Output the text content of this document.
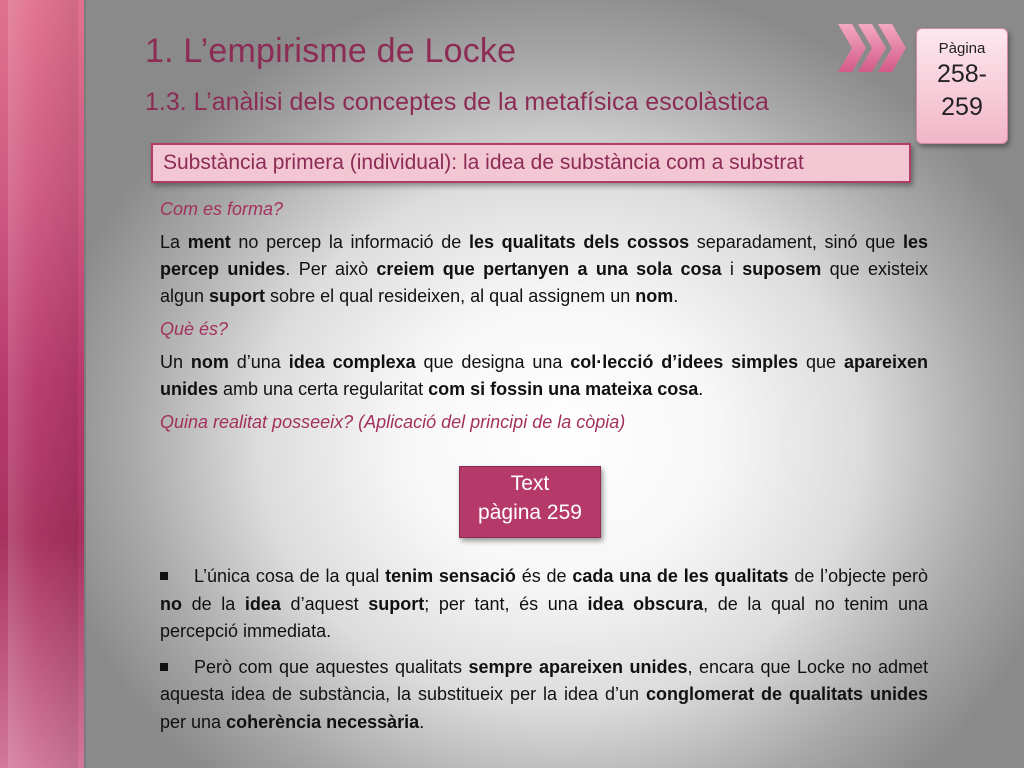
1. L’empirisme de Locke
1.3. L’anàlisi dels conceptes de la metafísica escolàstica
Pàgina
258-
259
Substància primera (individual): la idea de substància com a substrat

Com es forma?

La ment no percep la informació de les qualitats dels cossos separadament, sinó que les percep unides. Per això creiem que pertanyen a una sola cosa i suposem que existeix algun suport sobre el qual resideixen, al qual assignem un nom.

Què és?

Un nom d’una idea complexa que designa una col·lecció d’idees simples que apareixen unides amb una certa regularitat com si fossin una mateixa cosa.

Quina realitat posseeix? (Aplicació del principi de la còpia)

Text
pàgina 259
L’única cosa de la qual tenim sensació és de cada una de les qualitats de l’objecte però no de la idea d’aquest suport; per tant, és una idea obscura, de la qual no tenim una percepció immediata.
Però com que aquestes qualitats sempre apareixen unides, encara que Locke no admet aquesta idea de substància, la substitueix per la idea d’un conglomerat de qualitats unides per una coherència necessària.
